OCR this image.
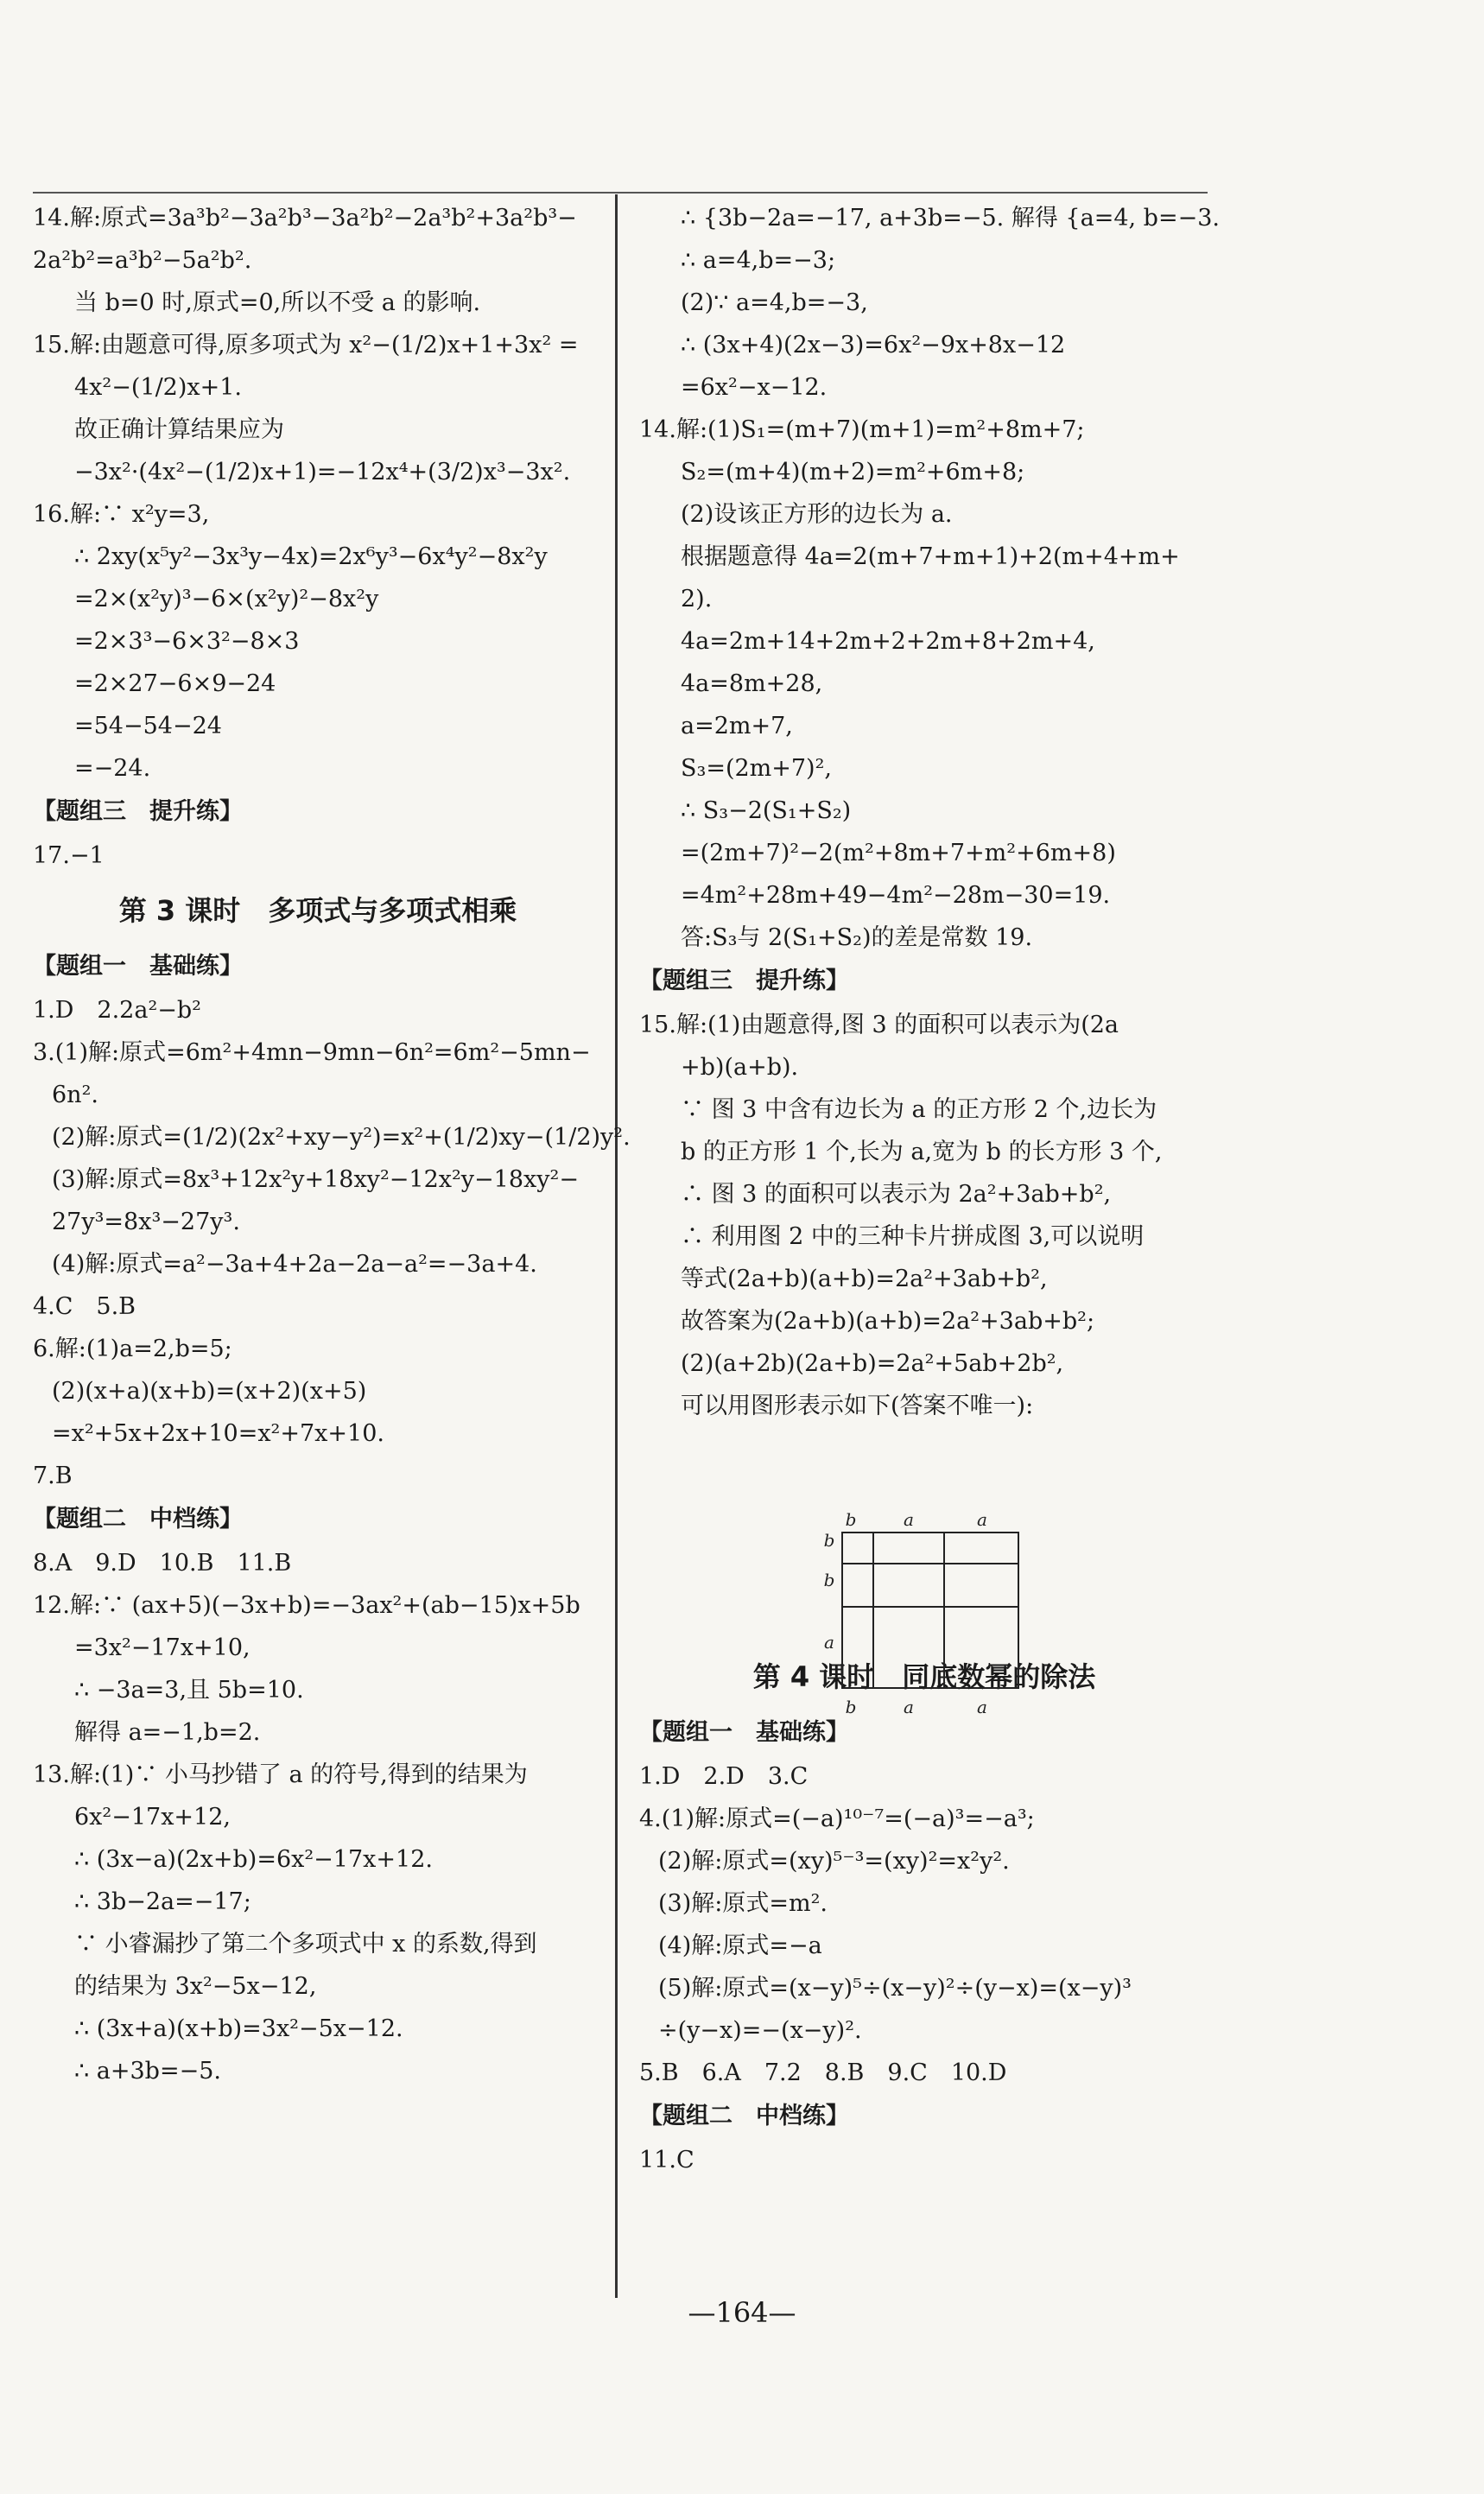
14.解:原式=3a³b²−3a²b³−3a²b²−2a³b²+3a²b³−
2a²b²=a³b²−5a²b².
当 b=0 时,原式=0,所以不受 a 的影响.
15.解:由题意可得,原多项式为 x²−(1/2)x+1+3x² =
4x²−(1/2)x+1.
故正确计算结果应为
−3x²·(4x²−(1/2)x+1)=−12x⁴+(3/2)x³−3x².
16.解:∵ x²y=3,
∴ 2xy(x⁵y²−3x³y−4x)=2x⁶y³−6x⁴y²−8x²y
=2×(x²y)³−6×(x²y)²−8x²y
=2×3³−6×3²−8×3
=2×27−6×9−24
=54−54−24
=−24.
【题组三　提升练】
17.−1
第 3 课时　多项式与多项式相乘
【题组一　基础练】
1.D　2.2a²−b²
3.(1)解:原式=6m²+4mn−9mn−6n²=6m²−5mn−
6n².
(2)解:原式=(1/2)(2x²+xy−y²)=x²+(1/2)xy−(1/2)y².
(3)解:原式=8x³+12x²y+18xy²−12x²y−18xy²−
27y³=8x³−27y³.
(4)解:原式=a²−3a+4+2a−2a−a²=−3a+4.
4.C　5.B
6.解:(1)a=2,b=5;
(2)(x+a)(x+b)=(x+2)(x+5)
=x²+5x+2x+10=x²+7x+10.
7.B
【题组二　中档练】
8.A　9.D　10.B　11.B
12.解:∵ (ax+5)(−3x+b)=−3ax²+(ab−15)x+5b
=3x²−17x+10,
∴ −3a=3,且 5b=10.
解得 a=−1,b=2.
13.解:(1)∵ 小马抄错了 a 的符号,得到的结果为
6x²−17x+12,
∴ (3x−a)(2x+b)=6x²−17x+12.
∴ 3b−2a=−17;
∵ 小睿漏抄了第二个多项式中 x 的系数,得到
的结果为 3x²−5x−12,
∴ (3x+a)(x+b)=3x²−5x−12.
∴ a+3b=−5.
∴ {3b−2a=−17, a+3b=−5. 解得 {a=4, b=−3.
∴ a=4,b=−3;
(2)∵ a=4,b=−3,
∴ (3x+4)(2x−3)=6x²−9x+8x−12
=6x²−x−12.
14.解:(1)S₁=(m+7)(m+1)=m²+8m+7;
S₂=(m+4)(m+2)=m²+6m+8;
(2)设该正方形的边长为 a.
根据题意得 4a=2(m+7+m+1)+2(m+4+m+
2).
4a=2m+14+2m+2+2m+8+2m+4,
4a=8m+28,
a=2m+7,
S₃=(2m+7)²,
∴ S₃−2(S₁+S₂)
=(2m+7)²−2(m²+8m+7+m²+6m+8)
=4m²+28m+49−4m²−28m−30=19.
答:S₃与 2(S₁+S₂)的差是常数 19.
【题组三　提升练】
15.解:(1)由题意得,图 3 的面积可以表示为(2a
+b)(a+b).
∵ 图 3 中含有边长为 a 的正方形 2 个,边长为
b 的正方形 1 个,长为 a,宽为 b 的长方形 3 个,
∴ 图 3 的面积可以表示为 2a²+3ab+b²,
∴ 利用图 2 中的三种卡片拼成图 3,可以说明
等式(2a+b)(a+b)=2a²+3ab+b²,
故答案为(2a+b)(a+b)=2a²+3ab+b²;
(2)(a+2b)(2a+b)=2a²+5ab+2b²,
可以用图形表示如下(答案不唯一):
第 4 课时　同底数幂的除法
【题组一　基础练】
1.D　2.D　3.C
4.(1)解:原式=(−a)¹⁰⁻⁷=(−a)³=−a³;
(2)解:原式=(xy)⁵⁻³=(xy)²=x²y².
(3)解:原式=m².
(4)解:原式=−a
(5)解:原式=(x−y)⁵÷(x−y)²÷(y−x)=(x−y)³
÷(y−x)=−(x−y)².
5.B　6.A　7.2　8.B　9.C　10.D
【题组二　中档练】
11.C
b	a	a
b
b
a
b	a	a
—164—
